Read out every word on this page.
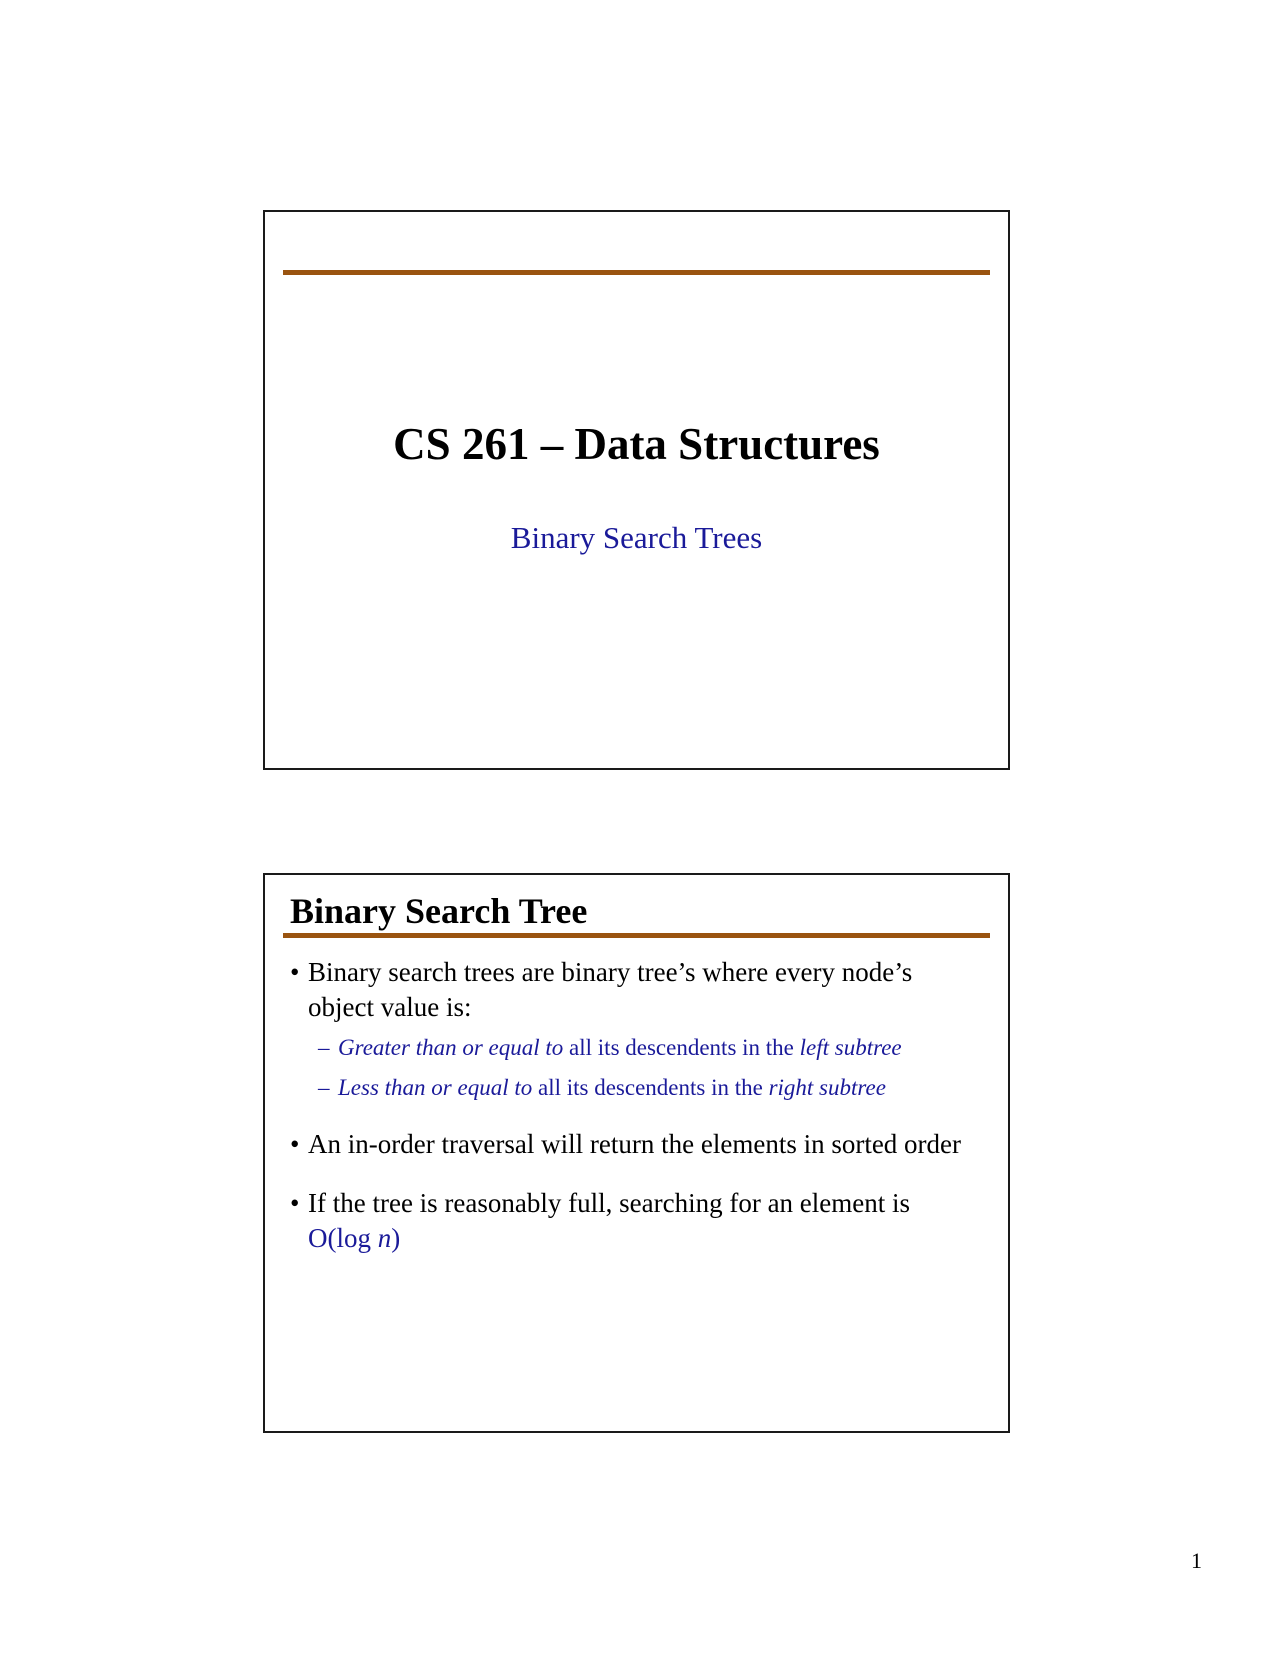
CS 261 – Data Structures
Binary Search Trees
Binary Search Tree
• Binary search trees are binary tree’s where every node’s object value is:
– Greater than or equal to all its descendents in the left subtree
– Less than or equal to all its descendents in the right subtree
• An in-order traversal will return the elements in sorted order
• If the tree is reasonably full, searching for an element is O(log n)
1
